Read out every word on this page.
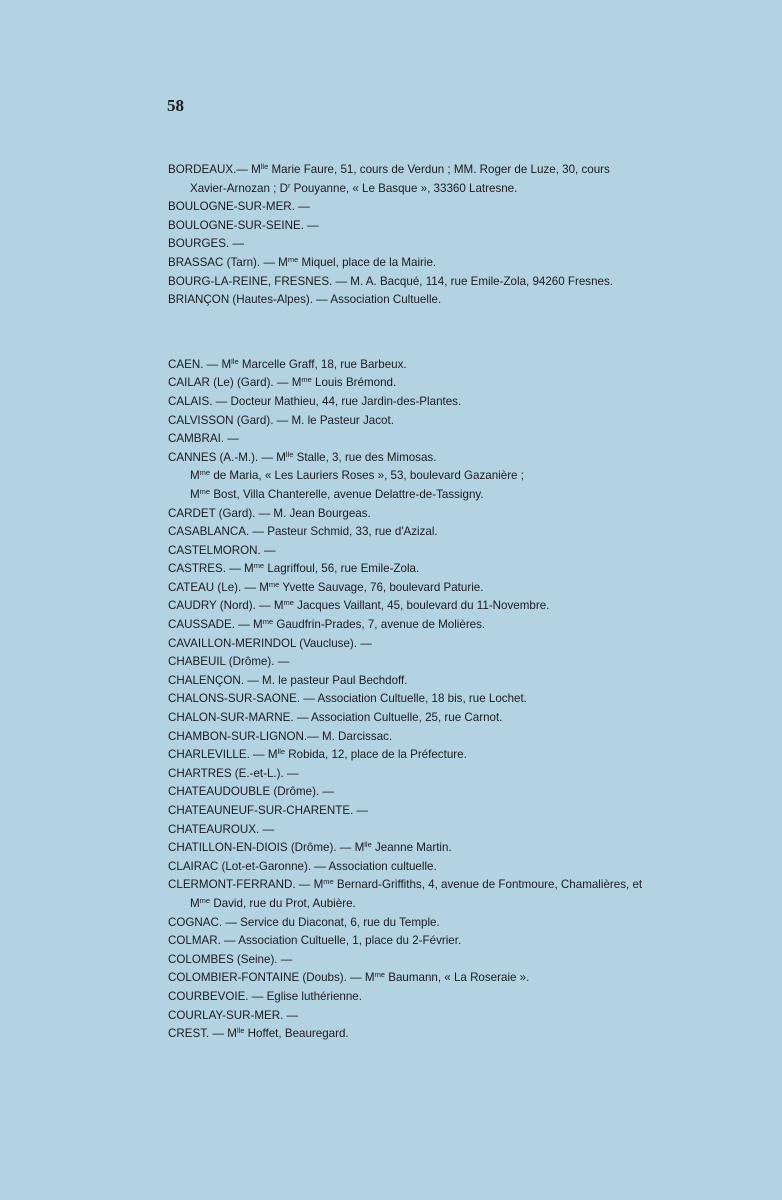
58
BORDEAUX.— $M^{lle}$ Marie Faure, 51, cours de Verdun ; MM. Roger de Luze, 30, cours
Xavier-Arnozan ; $D^r$ Pouyanne, « Le Basque », 33360 Latresne.
BOULOGNE-SUR-MER. —
BOULOGNE-SUR-SEINE. —
BOURGES. —
BRASSAC (Tarn). — $M^{me}$ Miquel, place de la Mairie.
BOURG-LA-REINE, FRESNES. — M. A. Bacqué, 114, rue Emile-Zola, 94260 Fresnes.
BRIANÇON (Hautes-Alpes). — Association Cultuelle.
CAEN. — $M^{lle}$ Marcelle Graff, 18, rue Barbeux.
CAILAR (Le) (Gard). — $M^{me}$ Louis Brémond.
CALAIS. — Docteur Mathieu, 44, rue Jardin-des-Plantes.
CALVISSON (Gard). — M. le Pasteur Jacot.
CAMBRAI. —
CANNES (A.-M.). — $M^{lle}$ Stalle, 3, rue des Mimosas.
$M^{me}$ de Maria, « Les Lauriers Roses », 53, boulevard Gazanière ;
$M^{me}$ Bost, Villa Chanterelle, avenue Delattre-de-Tassigny.
CARDET (Gard). — M. Jean Bourgeas.
CASABLANCA. — Pasteur Schmid, 33, rue d'Azizal.
CASTELMORON. —
CASTRES. — $M^{me}$ Lagriffoul, 56, rue Emile-Zola.
CATEAU (Le). — $M^{me}$ Yvette Sauvage, 76, boulevard Paturie.
CAUDRY (Nord). — $M^{me}$ Jacques Vaillant, 45, boulevard du 11-Novembre.
CAUSSADE. — $M^{me}$ Gaudfrin-Prades, 7, avenue de Molières.
CAVAILLON-MERINDOL (Vaucluse). —
CHABEUIL (Drôme). —
CHALENÇON. — M. le pasteur Paul Bechdoff.
CHALONS-SUR-SAONE. — Association Cultuelle, 18 bis, rue Lochet.
CHALON-SUR-MARNE. — Association Cultuelle, 25, rue Carnot.
CHAMBON-SUR-LIGNON.— M. Darcissac.
CHARLEVILLE. — $M^{lle}$ Robida, 12, place de la Préfecture.
CHARTRES (E.-et-L.). —
CHATEAUDOUBLE (Drôme). —
CHATEAUNEUF-SUR-CHARENTE. —
CHATEAUROUX. —
CHATILLON-EN-DIOIS (Drôme). — $M^{lle}$ Jeanne Martin.
CLAIRAC (Lot-et-Garonne). — Association cultuelle.
CLERMONT-FERRAND. — $M^{me}$ Bernard-Griffiths, 4, avenue de Fontmoure, Chamalières, et
$M^{me}$ David, rue du Prot, Aubière.
COGNAC. — Service du Diaconat, 6, rue du Temple.
COLMAR. — Association Cultuelle, 1, place du 2-Février.
COLOMBES (Seine). —
COLOMBIER-FONTAINE (Doubs). — $M^{me}$ Baumann, « La Roseraie ».
COURBEVOIE. — Eglise luthérienne.
COURLAY-SUR-MER. —
CREST. — $M^{lle}$ Hoffet, Beauregard.
